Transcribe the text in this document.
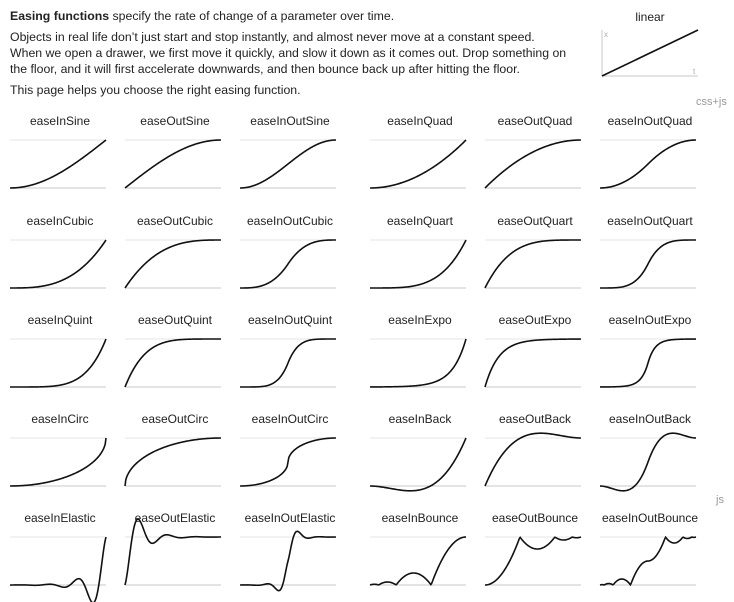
Easing functions specify the rate of change of a parameter over time.

Objects in real life don’t just start and stop instantly, and almost never move at a constant speed. When we open a drawer, we first move it quickly, and slow it down as it comes out. Drop something on the floor, and it will first accelerate downwards, and then bounce back up after hitting the floor.

This page helps you choose the right easing function.

linear
x
t
css+js
js
easeInSine	easeOutSine	easeInOutSine	easeInQuad	easeOutQuad	easeInOutQuad
easeInCubic	easeOutCubic	easeInOutCubic	easeInQuart	easeOutQuart	easeInOutQuart
easeInQuint	easeOutQuint	easeInOutQuint	easeInExpo	easeOutExpo	easeInOutExpo
easeInCirc	easeOutCirc	easeInOutCirc	easeInBack	easeOutBack	easeInOutBack
easeInElastic	easeOutElastic	easeInOutElastic	easeInBounce	easeOutBounce	easeInOutBounce
